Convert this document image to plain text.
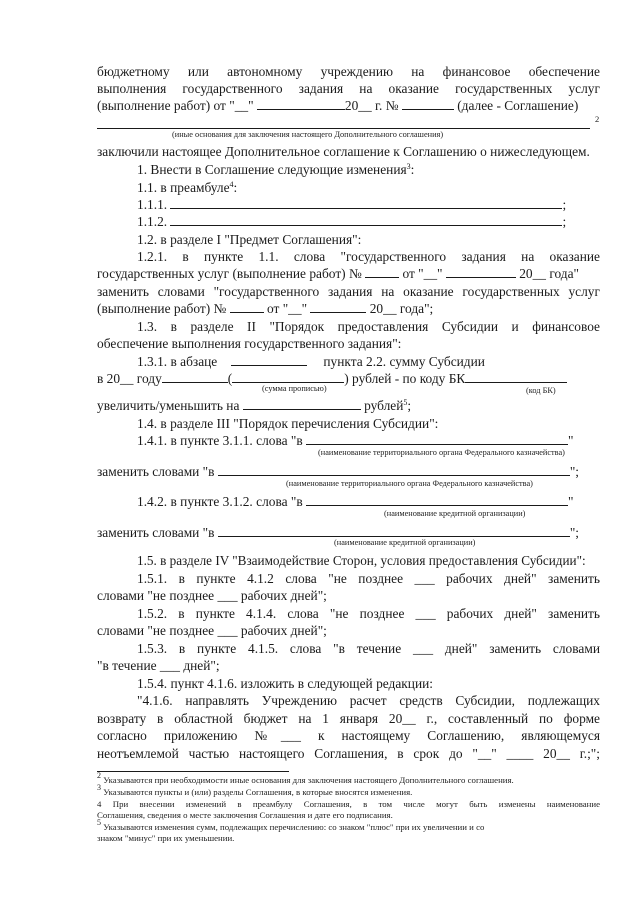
бюджетному или автономному учреждению на финансовое обеспечение
выполнения государственного задания на оказание государственных услуг
(выполнение работ) от "__"	20__ г. №	(далее - Соглашение)
2
(иные основания для заключения настоящего Дополнительного соглашения)
заключили настоящее Дополнительное соглашение к Соглашению о нижеследующем.
1. Внести в Соглашение следующие изменения$^3$:
1.1. в преамбуле$^4$:
1.1.1.	;
1.1.2.	;
1.2. в разделе I "Предмет Соглашения":
1.2.1. в пункте 1.1. слова "государственного задания на оказание
государственных услуг (выполнение работ) №	от "__"	20__ года"
заменить словами "государственного задания на оказание государственных услуг
(выполнение работ) №	от "__"	20__ года";
1.3. в разделе II "Порядок предоставления Субсидии и финансовое
обеспечение выполнения государственного задания":
1.3.1. в абзаце	пункта 2.2. сумму Субсидии
в 20__ году	(	) рублей - по коду БК
(сумма прописью)	(код БК)
увеличить/уменьшить на	рублей$^5$;
1.4. в разделе III "Порядок перечисления Субсидии":
1.4.1. в пункте 3.1.1. слова "в	"
(наименование территориального органа Федерального казначейства)
заменить словами "в	";
(наименование территориального органа Федерального казначейства)
1.4.2. в пункте 3.1.2. слова "в	"
(наименование кредитной организации)
заменить словами "в	";
(наименование кредитной организации)
1.5. в разделе IV "Взаимодействие Сторон, условия предоставления Субсидии":
1.5.1. в пункте 4.1.2 слова "не позднее ___ рабочих дней" заменить
словами "не позднее ___ рабочих дней";
1.5.2. в пункте 4.1.4. слова "не позднее ___ рабочих дней" заменить
словами "не позднее ___ рабочих дней";
1.5.3. в пункте 4.1.5. слова "в течение ___ дней" заменить словами
"в течение ___ дней";
1.5.4. пункт 4.1.6. изложить в следующей редакции:
"4.1.6. направлять Учреждению расчет средств Субсидии, подлежащих
возврату в областной бюджет на 1 января 20__ г., составленный по форме
согласно приложению №___ к настоящему Соглашению, являющемуся
неотъемлемой частью настоящего Соглашения, в срок до "__" ____ 20__ г.;";
$^2$ Указываются при необходимости иные основания для заключения настоящего Дополнительного соглашения.
$^3$ Указываются пункты и (или) разделы Соглашения, в которые вносятся изменения.
4 При внесении изменений в преамбулу Соглашения, в том числе могут быть изменены наименование
Соглашения, сведения о месте заключения Соглашения и дате его подписания.
$^5$ Указываются изменения сумм, подлежащих перечислению: со знаком "плюс" при их увеличении и со
знаком "минус" при их уменьшении.
